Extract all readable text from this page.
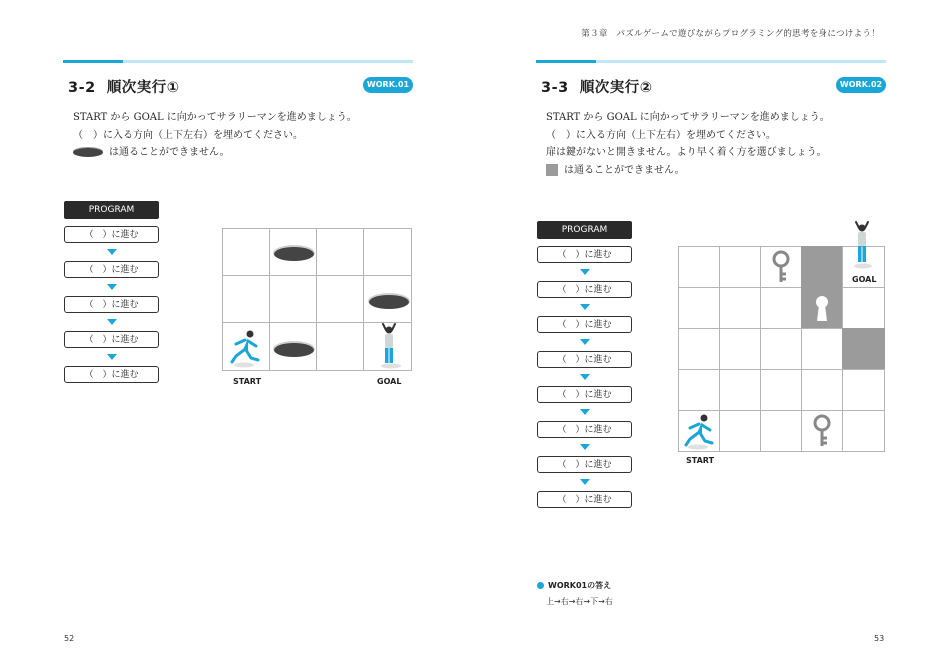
第３章　パズルゲームで遊びながらプログラミング的思考を身につけよう！
3-2 順次実行①	WORK.01
START から GOAL に向かってサラリーマンを進めましょう。
（　）に入る方向（上下左右）を埋めてください。
は通ることができません。
PROGRAM
（　）に進む
（　）に進む
（　）に進む
（　）に進む
（　）に進む
START	GOAL
52
3-3 順次実行②	WORK.02
START から GOAL に向かってサラリーマンを進めましょう。
（　）に入る方向（上下左右）を埋めてください。
扉は鍵がないと開きません。より早く着く方を選びましょう。
は通ることができません。
PROGRAM
（　）に進む
（　）に進む
（　）に進む
（　）に進む
（　）に進む
（　）に進む
（　）に進む
（　）に進む
GOAL
START
WORK01の答え
上→右→右→下→右
53
